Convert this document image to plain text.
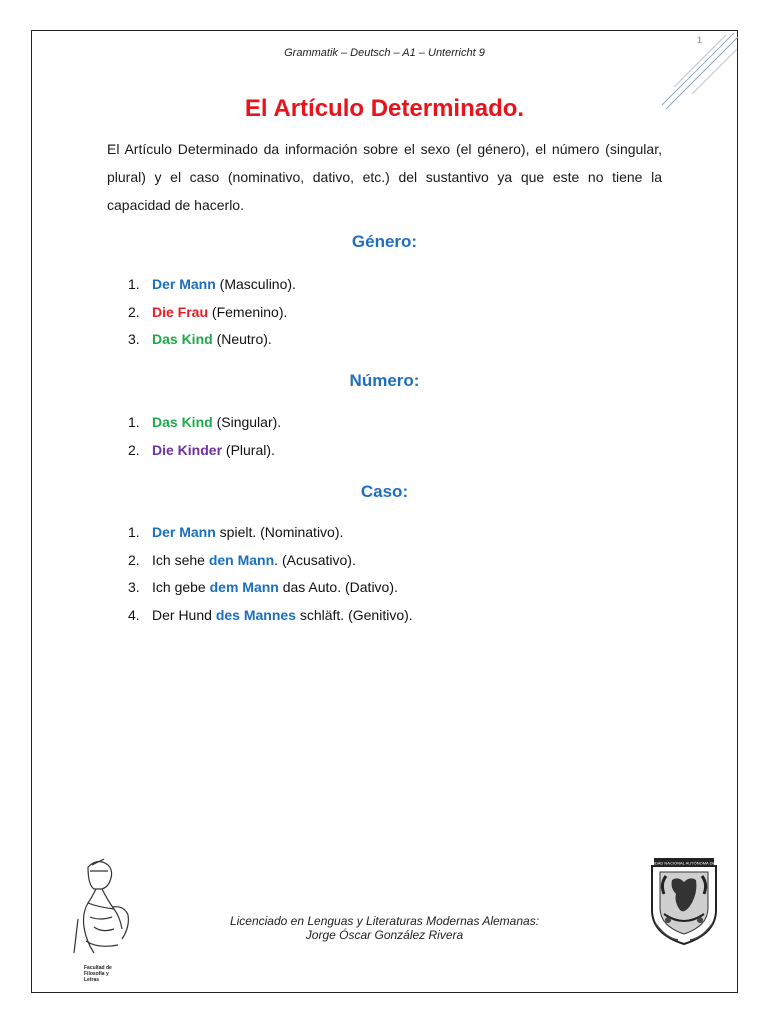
Grammatik – Deutsch – A1 – Unterricht 9
1
El Artículo Determinado.
El Artículo Determinado da información sobre el sexo (el género), el número (singular, plural) y el caso (nominativo, dativo, etc.) del sustantivo ya que este no tiene la capacidad de hacerlo.
Género:
1. Der Mann (Masculino).
2. Die Frau (Femenino).
3. Das Kind (Neutro).
Número:
1. Das Kind (Singular).
2. Die Kinder (Plural).
Caso:
1. Der Mann spielt. (Nominativo).
2. Ich sehe den Mann. (Acusativo).
3. Ich gebe dem Mann das Auto. (Dativo).
4. Der Hund des Mannes schläft. (Genitivo).
Facultad de
Filosofía y
Letras
Licenciado en Lenguas y Literaturas Modernas Alemanas:
Jorge Óscar González Rivera
UNIVERSIDAD NACIONAL AUTÓNOMA DE MÉXICO
